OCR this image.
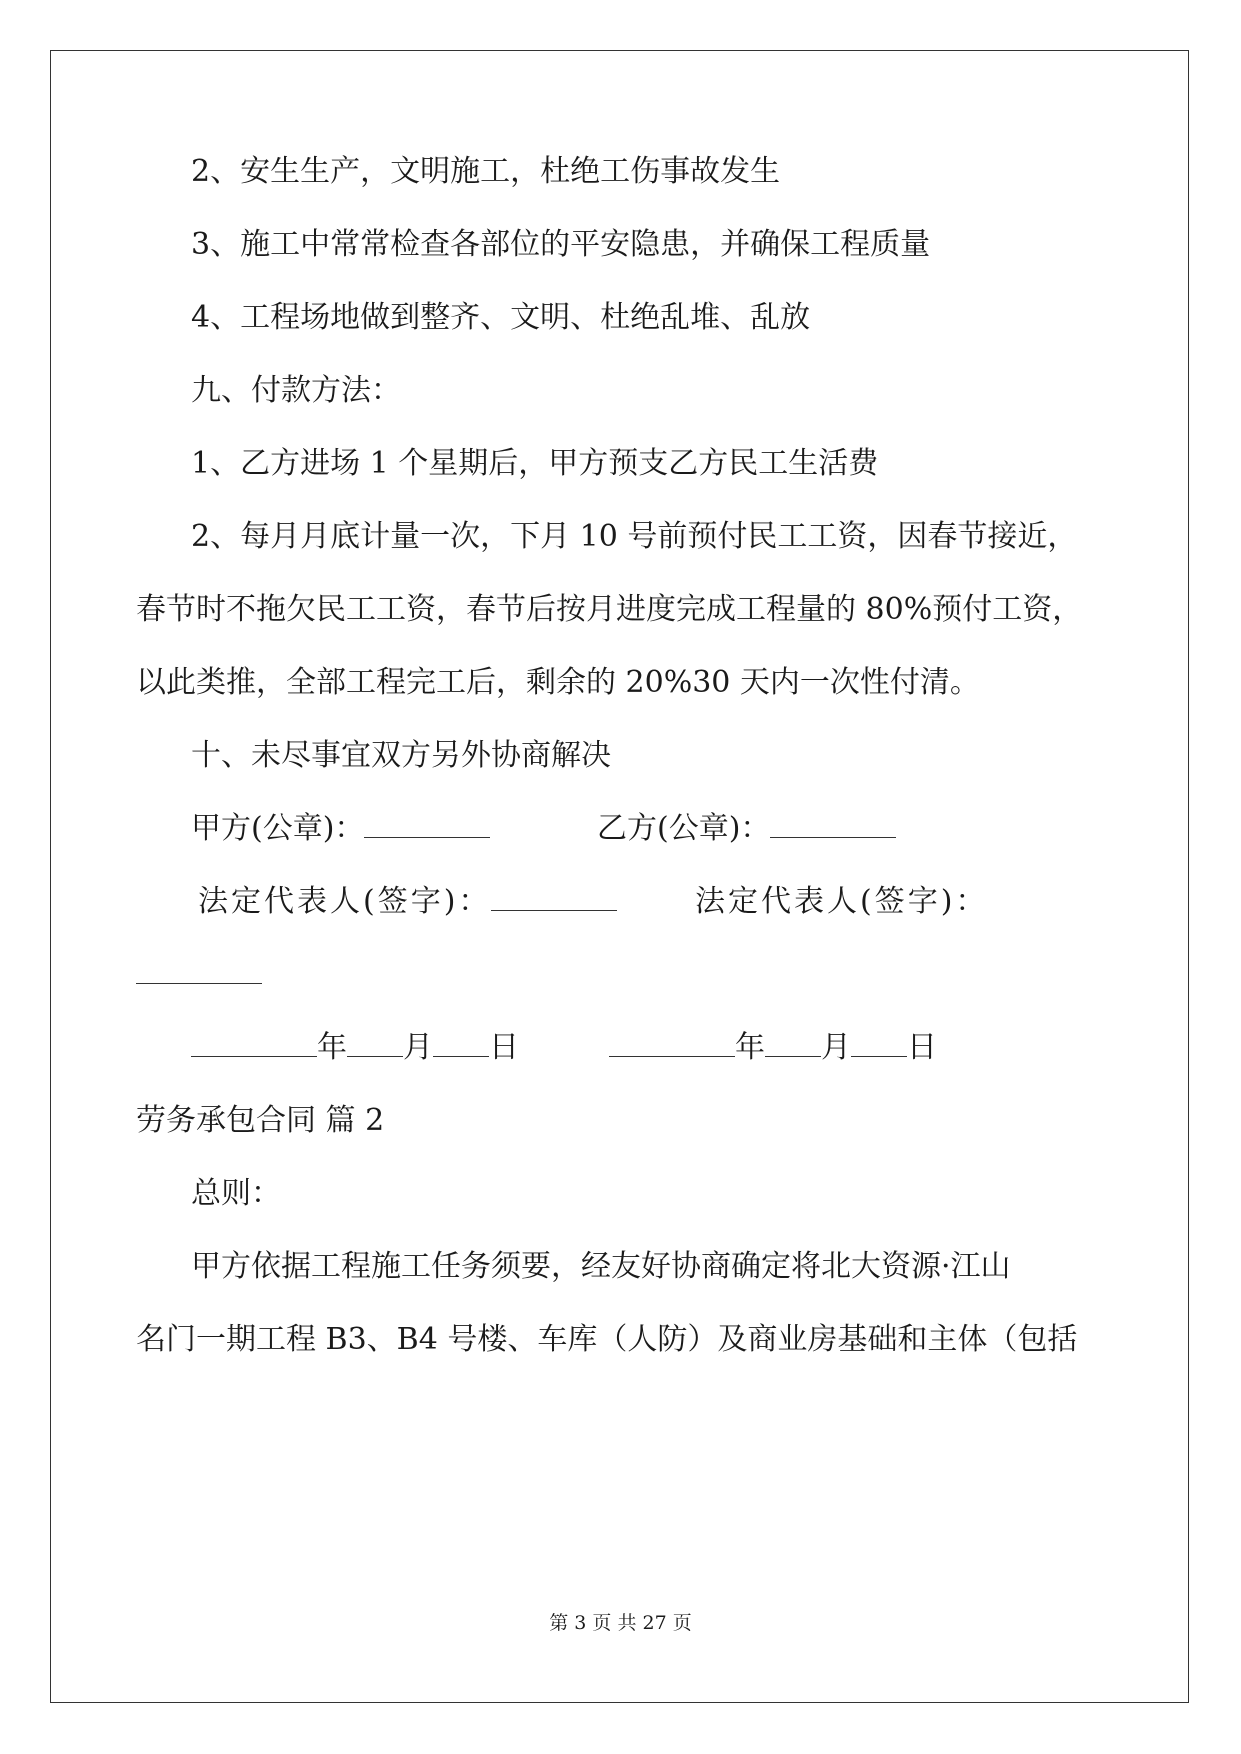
2、安生生产，文明施工，杜绝工伤事故发生
3、施工中常常检查各部位的平安隐患，并确保工程质量
4、工程场地做到整齐、文明、杜绝乱堆、乱放
九、付款方法：
1、乙方进场 1 个星期后，甲方预支乙方民工生活费
2、每月月底计量一次，下月 10 号前预付民工工资，因春节接近，
春节时不拖欠民工工资，春节后按月进度完成工程量的 80%预付工资，
以此类推，全部工程完工后，剩余的 20%30 天内一次性付清。
十、未尽事宜双方另外协商解决
甲方(公章)：	乙方(公章)：
法定代表人(签字)：	法定代表人(签字)：
年 月 日	年 月 日
劳务承包合同 篇 2
总则：
甲方依据工程施工任务须要，经友好协商确定将北大资源·江山
名门一期工程 B3、B4 号楼、车库（人防）及商业房基础和主体（包括
第 3 页 共 27 页
